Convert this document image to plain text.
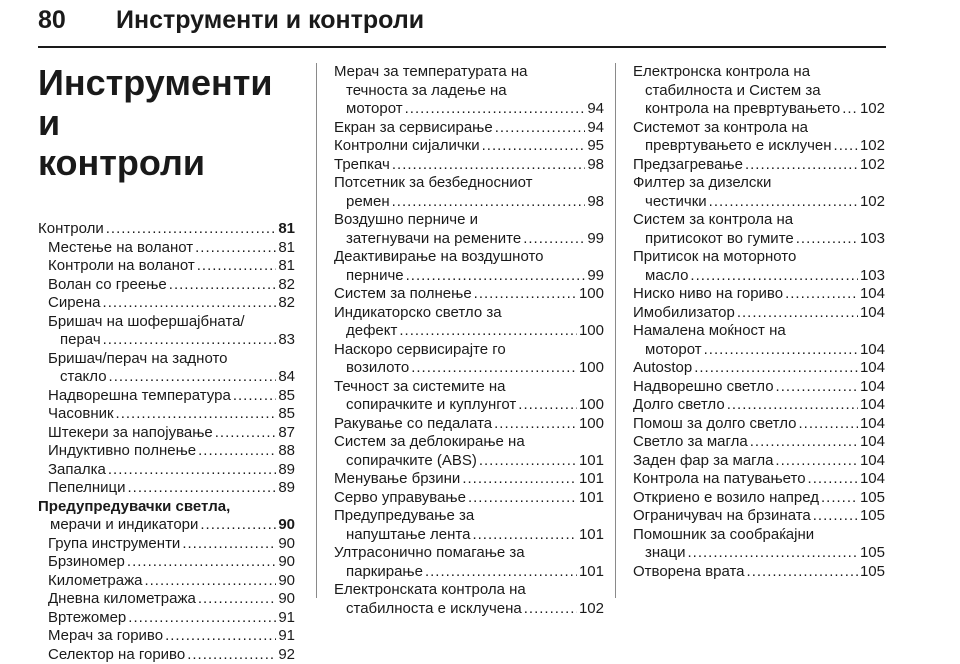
80 Инструменти и контроли
Инструменти и
контроли
Контроли .....	81
Местење на воланот .....	81
Контроли на воланот .....	81
Волан со греење .....	82
Сирена .....	82
Бришач на шофершајбната/
перач .....	83
Бришач/перач на задното
стакло .....	84
Надворешна температура .....	85
Часовник .....	85
Штекери за напојување .....	87
Индуктивно полнење .....	88
Запалка .....	89
Пепелници .....	89
Предупредувачки светла,
мерачи и индикатори .....	90
Група инструменти .....	90
Брзиномер .....	90
Километража .....	90
Дневна километража .....	90
Вртежомер .....	91
Мерач за гориво .....	91
Селектор на гориво .....	92
Мерач за температурата на
течноста за ладење на
моторот .....	94
Екран за сервисирање .....	94
Контролни сијалички .....	95
Трепкач .....	98
Потсетник за безбедносниот
ремен .....	98
Воздушно перниче и
затегнувачи на ремените .....	99
Деактивирање на воздушното
перниче .....	99
Систем за полнење .....	100
Индикаторско светло за
дефект .....	100
Наскоро сервисирајте го
возилото .....	100
Течност за системите на
сопирачките и куплунгот .....	100
Ракување со педалата .....	100
Систем за деблокирање на
сопирачките (ABS) .....	101
Менување брзини .....	101
Серво управување .....	101
Предупредување за
напуштање лента .....	101
Ултрасонично помагање за
паркирање .....	101
Електронската контрола на
стабилноста е исклучена .....	102
Електронска контрола на
стабилноста и Систем за
контрола на превртувањето ..... 102
Системот за контрола на
превртувањето е исклучен ..... 102
Предзагревање .....	102
Филтер за дизелски
честички .....	102
Систем за контрола на
притисокот во гумите .....	103
Притисок на моторното
масло .....	103
Ниско ниво на гориво .....	104
Имобилизатор .....	104
Намалена моќност на
моторот .....	104
Autostop .....	104
Надворешно светло .....	104
Долго светло .....	104
Помош за долго светло .....	104
Светло за магла .....	104
Заден фар за магла .....	104
Контрола на патувањето .....	104
Откриено е возило напред .....	105
Ограничувач на брзината .....	105
Помошник за сообраќајни
знаци .....	105
Отворена врата .....	105
